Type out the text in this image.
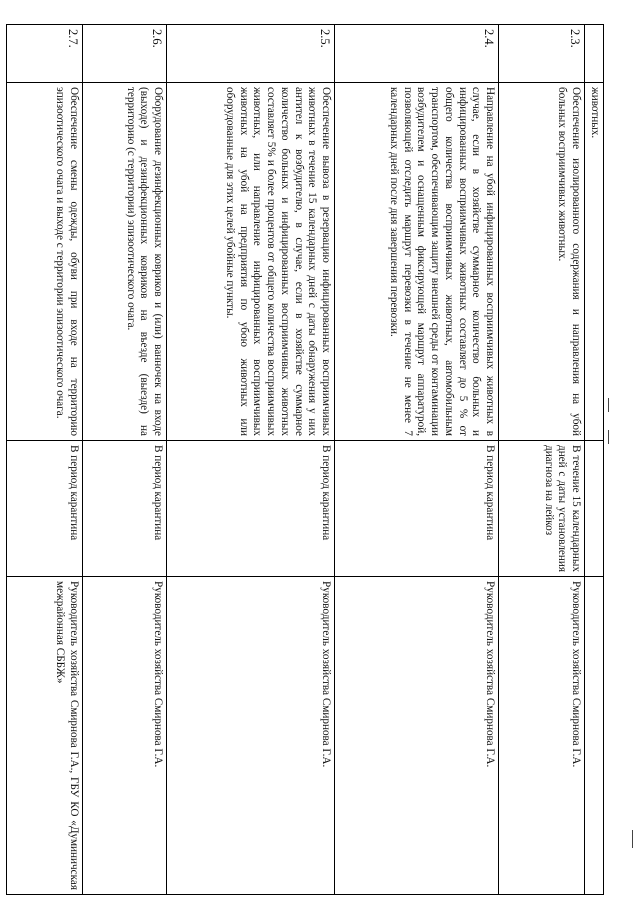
	животных.		
2.3.	Обеспечение изолированного содержания и направления на убой больных восприимчивых животных.	В течение 15 календарных дней с даты установления диагноза на лейкоз	Руководитель хозяйства Смирнова Г.А.
2.4.	Направление на убой инфицированных восприимчивых животных в случае, если в хозяйстве суммарное количество больных и инфицированных восприимчивых животных составляет до 5 % от общего количества восприимчивых животных, автомобильным транспортом, обеспечивающим защиту внешней среды от контаминации возбудителем и оснащенным фиксирующей маршрут аппаратурой, позволяющей отследить маршрут перевозки в течение не менее 7 календарных дней после дня завершения перевозки.	В период карантина	Руководитель хозяйства Смирнова Г.А.
2.5.	Обеспечение вывоза в резервацию инфицированных восприимчивых животных в течение 15 календарных дней с даты обнаружения у них антител к возбудителю, в случае, если в хозяйстве суммарное количество больных и инфицированных восприимчивых животных составляет 5% и более процентов от общего количества восприимчивых животных, или направление инфицированных восприимчивых животных на убой на предприятия по убою животных или оборудованные для этих целей убойные пункты.	В период карантина	Руководитель хозяйства Смирнова Г.А.
2.6.	Оборудование дезинфекционных ковриков и (или) ванночек на входе (выходе) и дезинфекционных ковриков на въезде (выезде) на территорию (с территории) эпизоотического очага.	В период карантина	Руководитель хозяйства Смирнова Г.А.
2.7.	Обеспечение смены одежды, обуви при входе на территорию эпизоотического очага и выходе с территории эпизоотического очага.	В период карантина	Руководитель хозяйства Смирнова Г.А., ГБУ КО «Думиничская межрайонная СББЖ»
